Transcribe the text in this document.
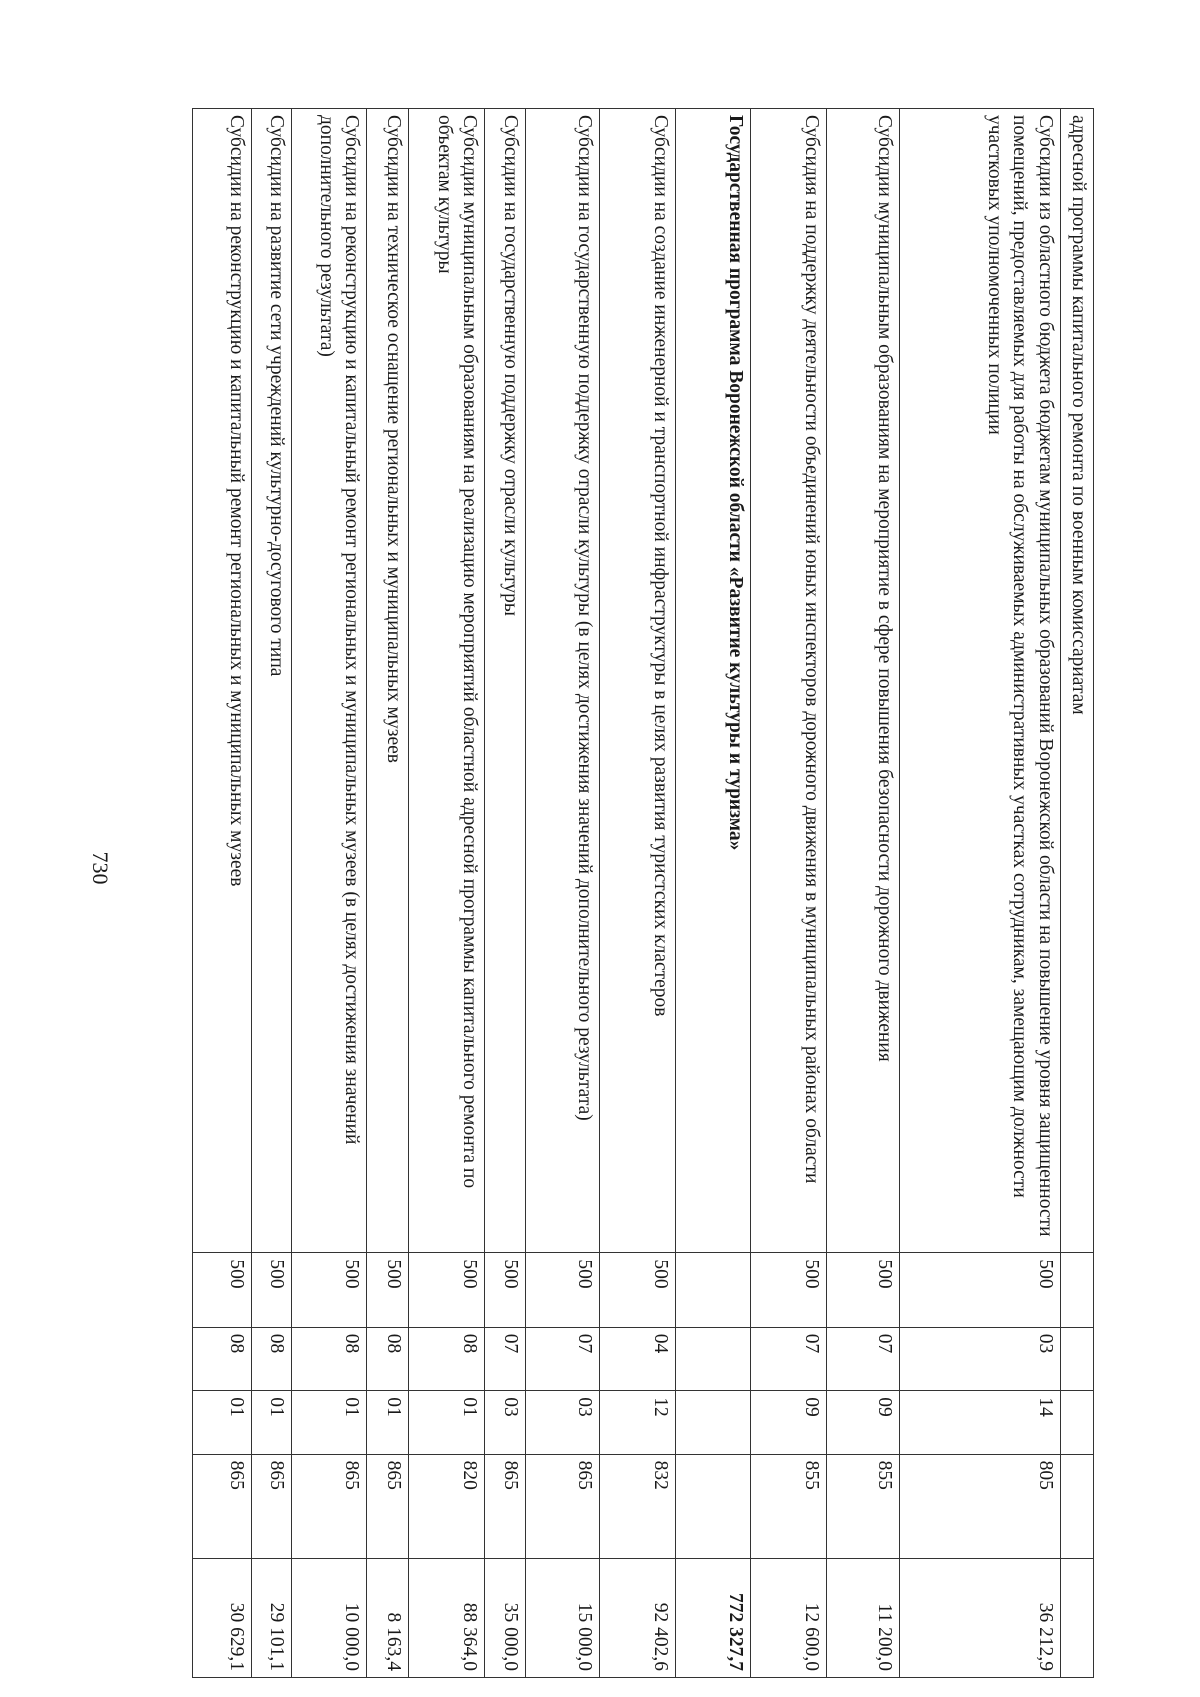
730
адресной программы капитального ремонта по военным комиссариатам					
Субсидии из областного бюджета бюджетам муниципальных образований Воронежской области на повышение уровня защищенности помещений, предоставляемых для работы на обслуживаемых административных участках сотрудникам, замещающим должности участковых уполномоченных полиции	500	03	14	805	36 212,9
Субсидии муниципальным образованиям на мероприятие в сфере повышения безопасности дорожного движения	500	07	09	855	11 200,0
Субсидия на поддержку деятельности объединений юных инспекторов дорожного движения в муниципальных районах области	500	07	09	855	12 600,0
Государственная программа Воронежской области «Развитие культуры и туризма»					772 327,7
Субсидии на создание инженерной и транспортной инфраструктуры в целях развития туристских кластеров	500	04	12	832	92 402,6
Субсидии на государственную поддержку отрасли культуры (в целях достижения значений дополнительного результата)	500	07	03	865	15 000,0
Субсидии на государственную поддержку отрасли культуры	500	07	03	865	35 000,0
Субсидии муниципальным образованиям на реализацию мероприятий областной адресной программы капитального ремонта по объектам культуры	500	08	01	820	88 364,0
Субсидии на техническое оснащение региональных и муниципальных музеев	500	08	01	865	8 163,4
Субсидии на реконструкцию и капитальный ремонт региональных и муниципальных музеев (в целях достижения значений дополнительного результата)	500	08	01	865	10 000,0
Субсидии на развитие сети учреждений культурно-досугового типа	500	08	01	865	29 101,1
Субсидии на реконструкцию и капитальный ремонт региональных и муниципальных музеев	500	08	01	865	30 629,1
